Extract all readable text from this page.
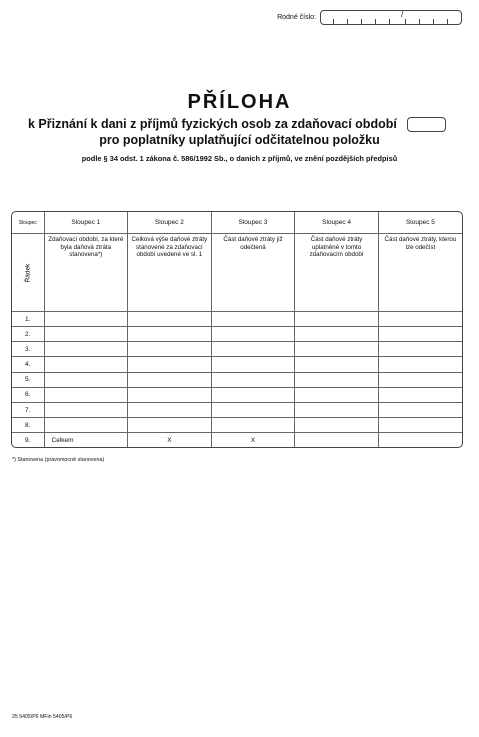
Rodné číslo:	/
PŘÍLOHA
k Přiznání k dani z příjmů fyzických osob za zdaňovací období
pro poplatníky uplatňující odčitatelnou položku
podle § 34 odst. 1 zákona č. 586/1992 Sb., o daních z příjmů, ve znění pozdějších předpisů
Sloupec	Sloupec 1	Sloupec 2	Sloupec 3	Sloupec 4	Sloupec 5

Řádek	Zdaňovací období, za které byla daňová ztráta stanovena*)	Celková výše daňové ztráty stanovené za zdaňovací období uvedené ve sl. 1	Část daňové ztráty již odečtená	Část daňové ztráty uplatněné v tomto zdaňovacím období	Část daňové ztráty, kterou lze odečíst
1.					
2.					
3.					
4.					
5.					
6.					
7.					
8.					
9.	Celkem	X	X		
*) Stanovena (pravomocně stanovena)
25 5405/P6 MFin 5405/P6
